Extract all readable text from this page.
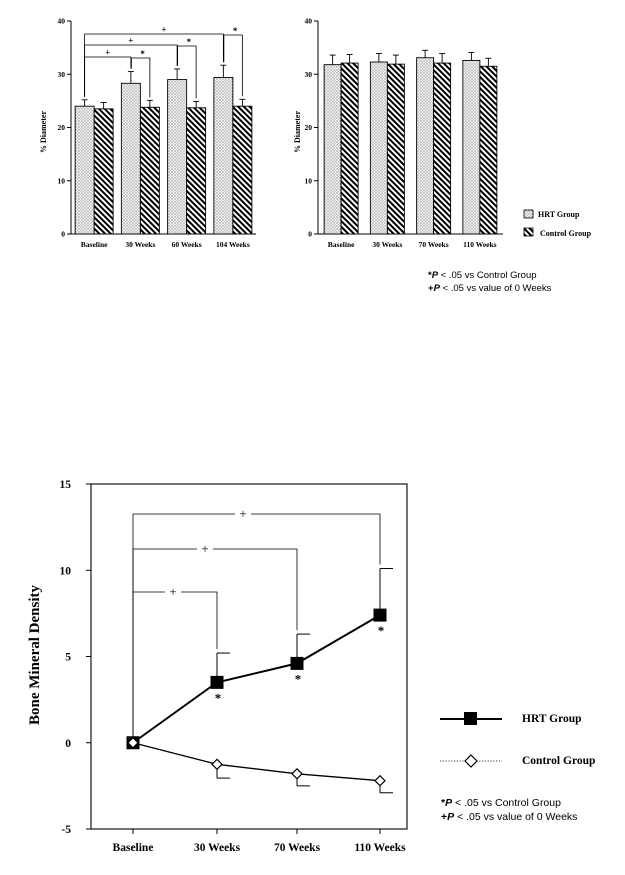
0
10
20
30
40
Baseline 30 Weeks 60 Weeks 104 Weeks
+
+
+
*
*
*
% Diameter
0
10
20
30
40
Baseline 30 Weeks 70 Weeks 110 Weeks
% Diameter
HRT Group
Control Group
*P < .05 vs Control Group
+P < .05 vs value of 0 Weeks
-5
0
5
10
15
Baseline	30 Weeks	70 Weeks	110 Weeks
+
+
+
*
*
*
Bone Mineral Density	HRT Group
Control Group
*P < .05 vs Control Group
+P < .05 vs value of 0 Weeks
